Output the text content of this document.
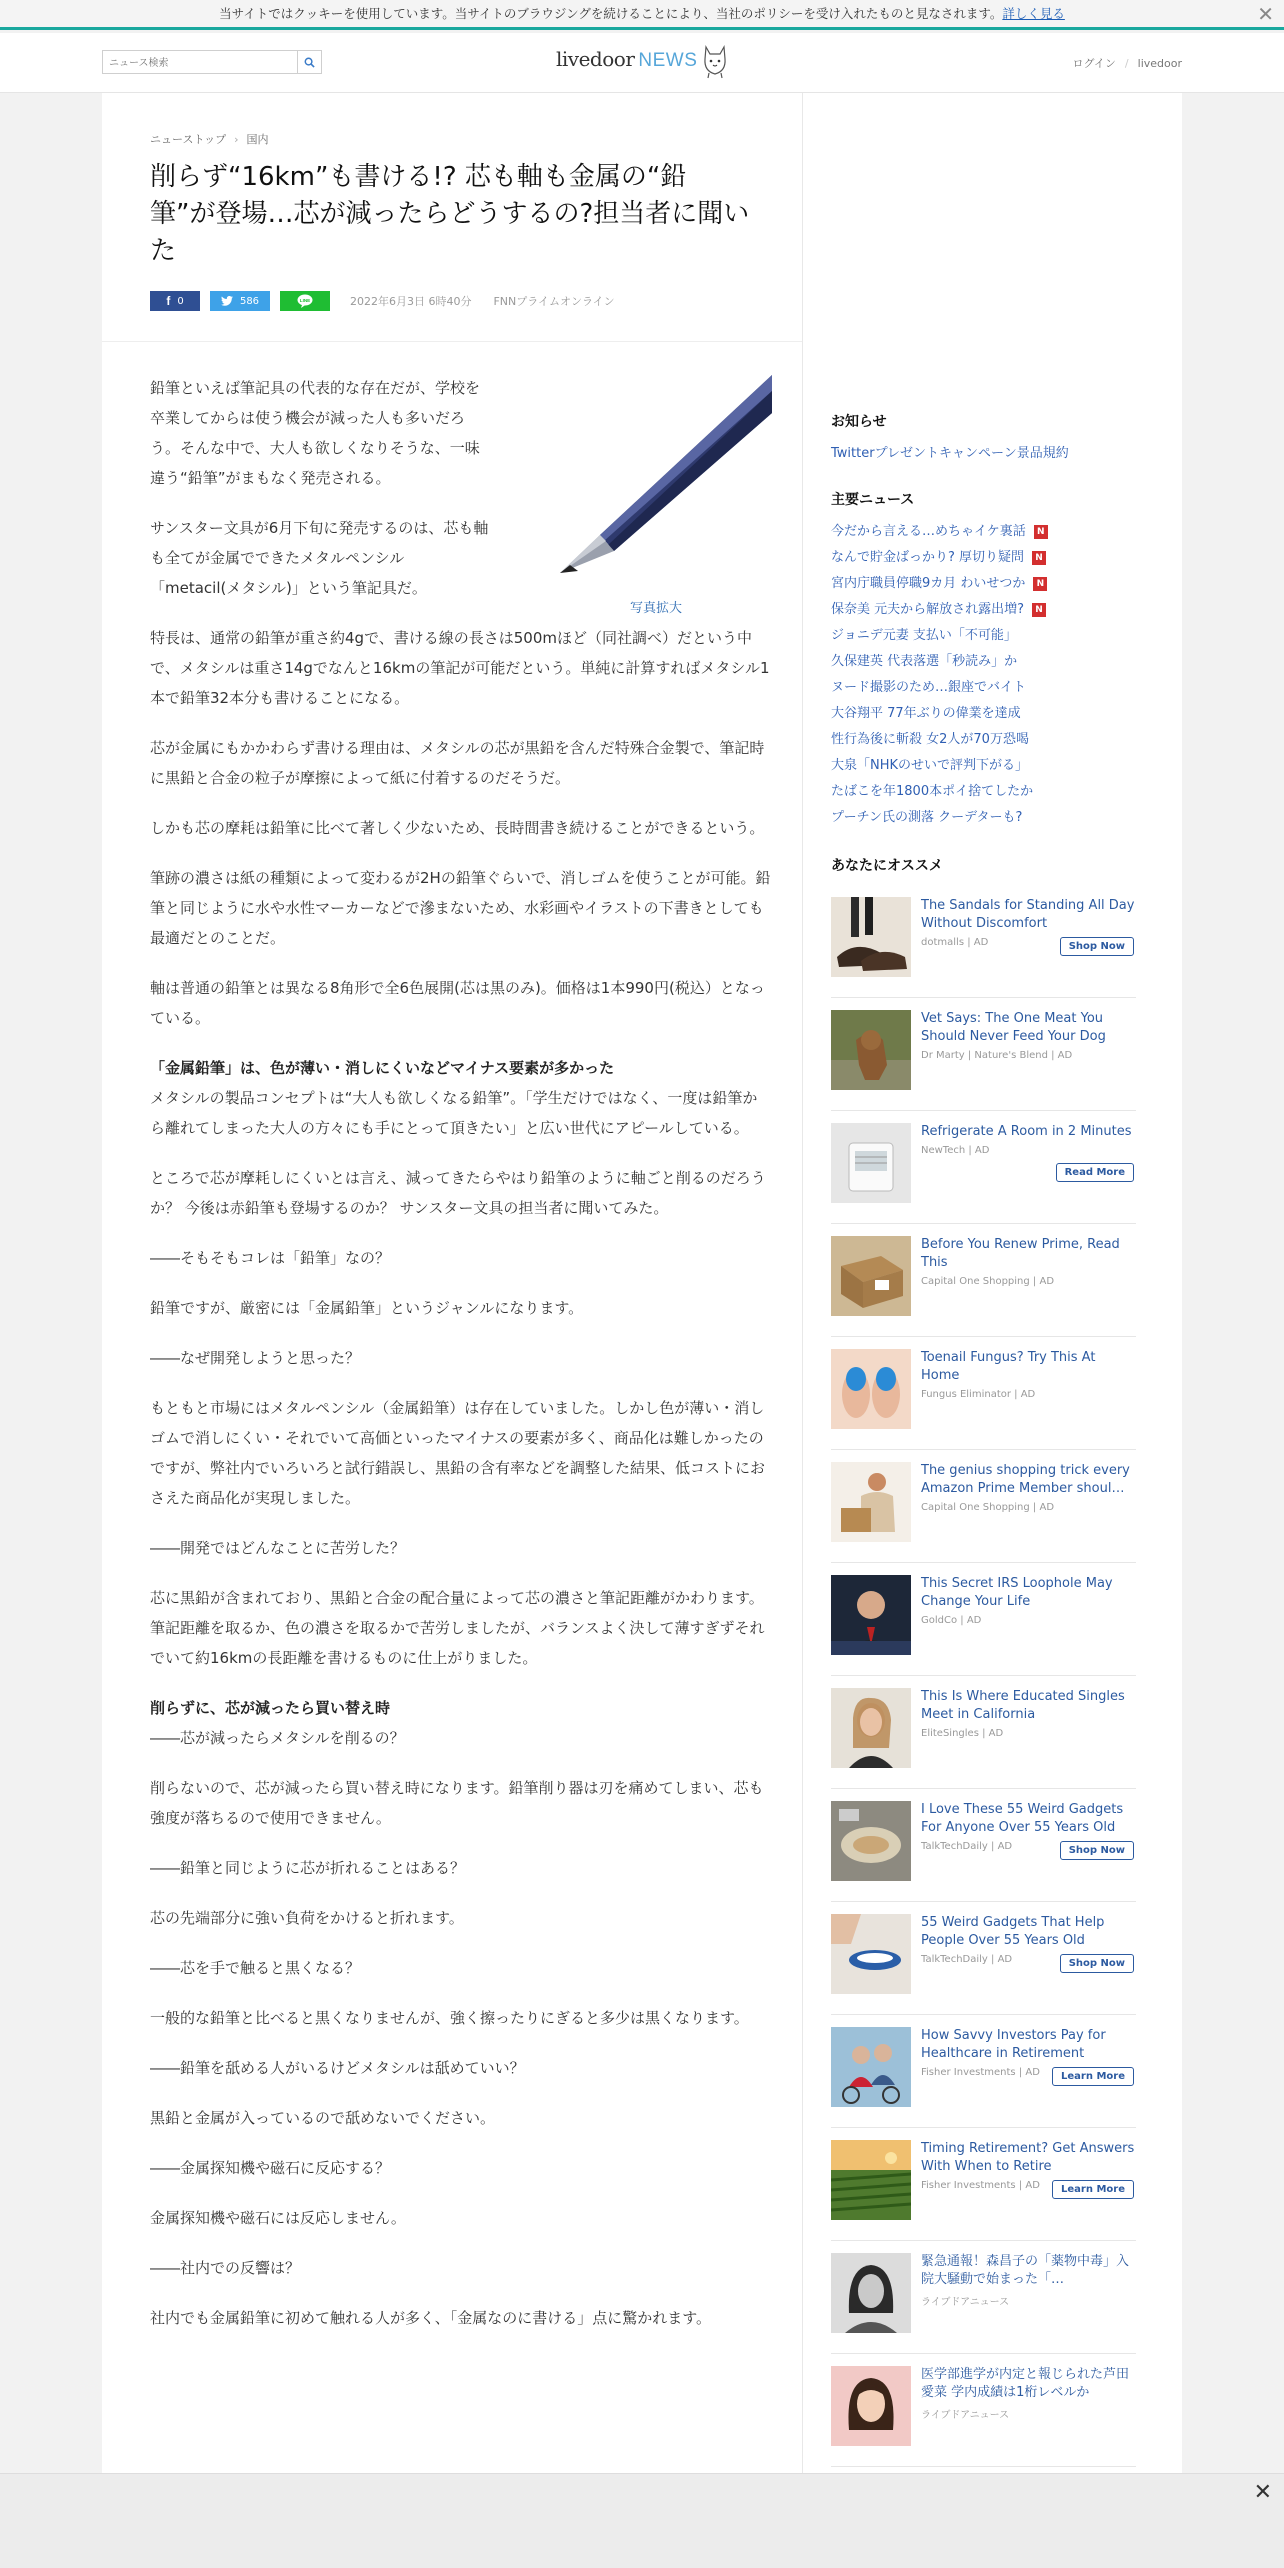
当サイトではクッキーを使用しています。当サイトのブラウジングを続けることにより、当社のポリシーを受け入れたものと見なされます。詳しく見る	✕
ニュース検索
livedoor NEWS	ログイン / livedoor
ニューストップ › 国内
削らず“16km”も書ける!? 芯も軸も金属の“鉛筆”が登場…芯が減ったらどうするの?担当者に聞いた
f 0	586	LINE	2022年6月3日 6時40分 FNNプライムオンライン
写真拡大

鉛筆といえば筆記具の代表的な存在だが、学校を卒業してからは使う機会が減った人も多いだろう。そんな中で、大人も欲しくなりそうな、一味違う“鉛筆”がまもなく発売される。

サンスター文具が6月下旬に発売するのは、芯も軸も全てが金属でできたメタルペンシル「metacil(メタシル)」という筆記具だ。

特長は、通常の鉛筆が重さ約4gで、書ける線の長さは500mほど（同社調べ）だという中で、メタシルは重さ14gでなんと16kmの筆記が可能だという。単純に計算すればメタシル1本で鉛筆32本分も書けることになる。

芯が金属にもかかわらず書ける理由は、メタシルの芯が黒鉛を含んだ特殊合金製で、筆記時に黒鉛と合金の粒子が摩擦によって紙に付着するのだそうだ。

しかも芯の摩耗は鉛筆に比べて著しく少ないため、長時間書き続けることができるという。

筆跡の濃さは紙の種類によって変わるが2Hの鉛筆ぐらいで、消しゴムを使うことが可能。鉛筆と同じように水や水性マーカーなどで滲まないため、水彩画やイラストの下書きとしても最適だとのことだ。

軸は普通の鉛筆とは異なる8角形で全6色展開(芯は黒のみ)。価格は1本990円(税込）となっている。

「金属鉛筆」は、色が薄い・消しにくいなどマイナス要素が多かった

メタシルの製品コンセプトは“大人も欲しくなる鉛筆”。「学生だけではなく、一度は鉛筆から離れてしまった大人の方々にも手にとって頂きたい」と広い世代にアピールしている。

ところで芯が摩耗しにくいとは言え、減ってきたらやはり鉛筆のように軸ごと削るのだろうか？ 今後は赤鉛筆も登場するのか？ サンスター文具の担当者に聞いてみた。

――そもそもコレは「鉛筆」なの？

鉛筆ですが、厳密には「金属鉛筆」というジャンルになります。

――なぜ開発しようと思った？

もともと市場にはメタルペンシル（金属鉛筆）は存在していました。しかし色が薄い・消しゴムで消しにくい・それでいて高価といったマイナスの要素が多く、商品化は難しかったのですが、弊社内でいろいろと試行錯誤し、黒鉛の含有率などを調整した結果、低コストにおさえた商品化が実現しました。

――開発ではどんなことに苦労した？

芯に黒鉛が含まれており、黒鉛と合金の配合量によって芯の濃さと筆記距離がかわります。筆記距離を取るか、色の濃さを取るかで苦労しましたが、バランスよく決して薄すぎずそれでいて約16kmの長距離を書けるものに仕上がりました。

削らずに、芯が減ったら買い替え時

――芯が減ったらメタシルを削るの？

削らないので、芯が減ったら買い替え時になります。鉛筆削り器は刃を痛めてしまい、芯も強度が落ちるので使用できません。

――鉛筆と同じように芯が折れることはある？

芯の先端部分に強い負荷をかけると折れます。

――芯を手で触ると黒くなる？

一般的な鉛筆と比べると黒くなりませんが、強く擦ったりにぎると多少は黒くなります。

――鉛筆を舐める人がいるけどメタシルは舐めていい？

黒鉛と金属が入っているので舐めないでください。

――金属探知機や磁石に反応する？

金属探知機や磁石には反応しません。

――社内での反響は？

社内でも金属鉛筆に初めて触れる人が多く、「金属なのに書ける」点に驚かれます。

お知らせ
Twitterプレゼントキャンペーン景品規約
主要ニュース
今だから言える…めちゃイケ裏話	N
なんで貯金ばっかり? 厚切り疑問	N
宮内庁職員停職9カ月 わいせつか	N
保奈美 元夫から解放され露出増?	N
ジョニデ元妻 支払い「不可能」
久保建英 代表落選「秒読み」か
ヌード撮影のため…銀座でバイト
大谷翔平 77年ぶりの偉業を達成
性行為後に斬殺 女2人が70万恐喝
大泉「NHKのせいで評判下がる」
たばこを年1800本ポイ捨てしたか
プーチン氏の測落 クーデターも?
あなたにオススメ
The Sandals for Standing All Day Without Discomfort
dotmalls | AD	Shop Now
Vet Says: The One Meat You Should Never Feed Your Dog
Dr Marty | Nature's Blend | AD
Refrigerate A Room in 2 Minutes
NewTech | AD
Read More
Before You Renew Prime, Read This
Capital One Shopping | AD
Toenail Fungus? Try This At Home
Fungus Eliminator | AD
The genius shopping trick every Amazon Prime Member shoul…
Capital One Shopping | AD
This Secret IRS Loophole May Change Your Life
GoldCo | AD
This Is Where Educated Singles Meet in California
EliteSingles | AD
I Love These 55 Weird Gadgets For Anyone Over 55 Years Old
TalkTechDaily | AD	Shop Now
55 Weird Gadgets That Help People Over 55 Years Old
TalkTechDaily | AD	Shop Now
How Savvy Investors Pay for Healthcare in Retirement
Fisher Investments | AD	Learn More
Timing Retirement? Get Answers With When to Retire
Fisher Investments | AD	Learn More
緊急通報！森昌子の「薬物中毒」入院大騒動で始まった「…
ライブドアニュース
医学部進学が内定と報じられた芦田愛菜 学内成績は1桁レベルか
ライブドアニュース
✕
